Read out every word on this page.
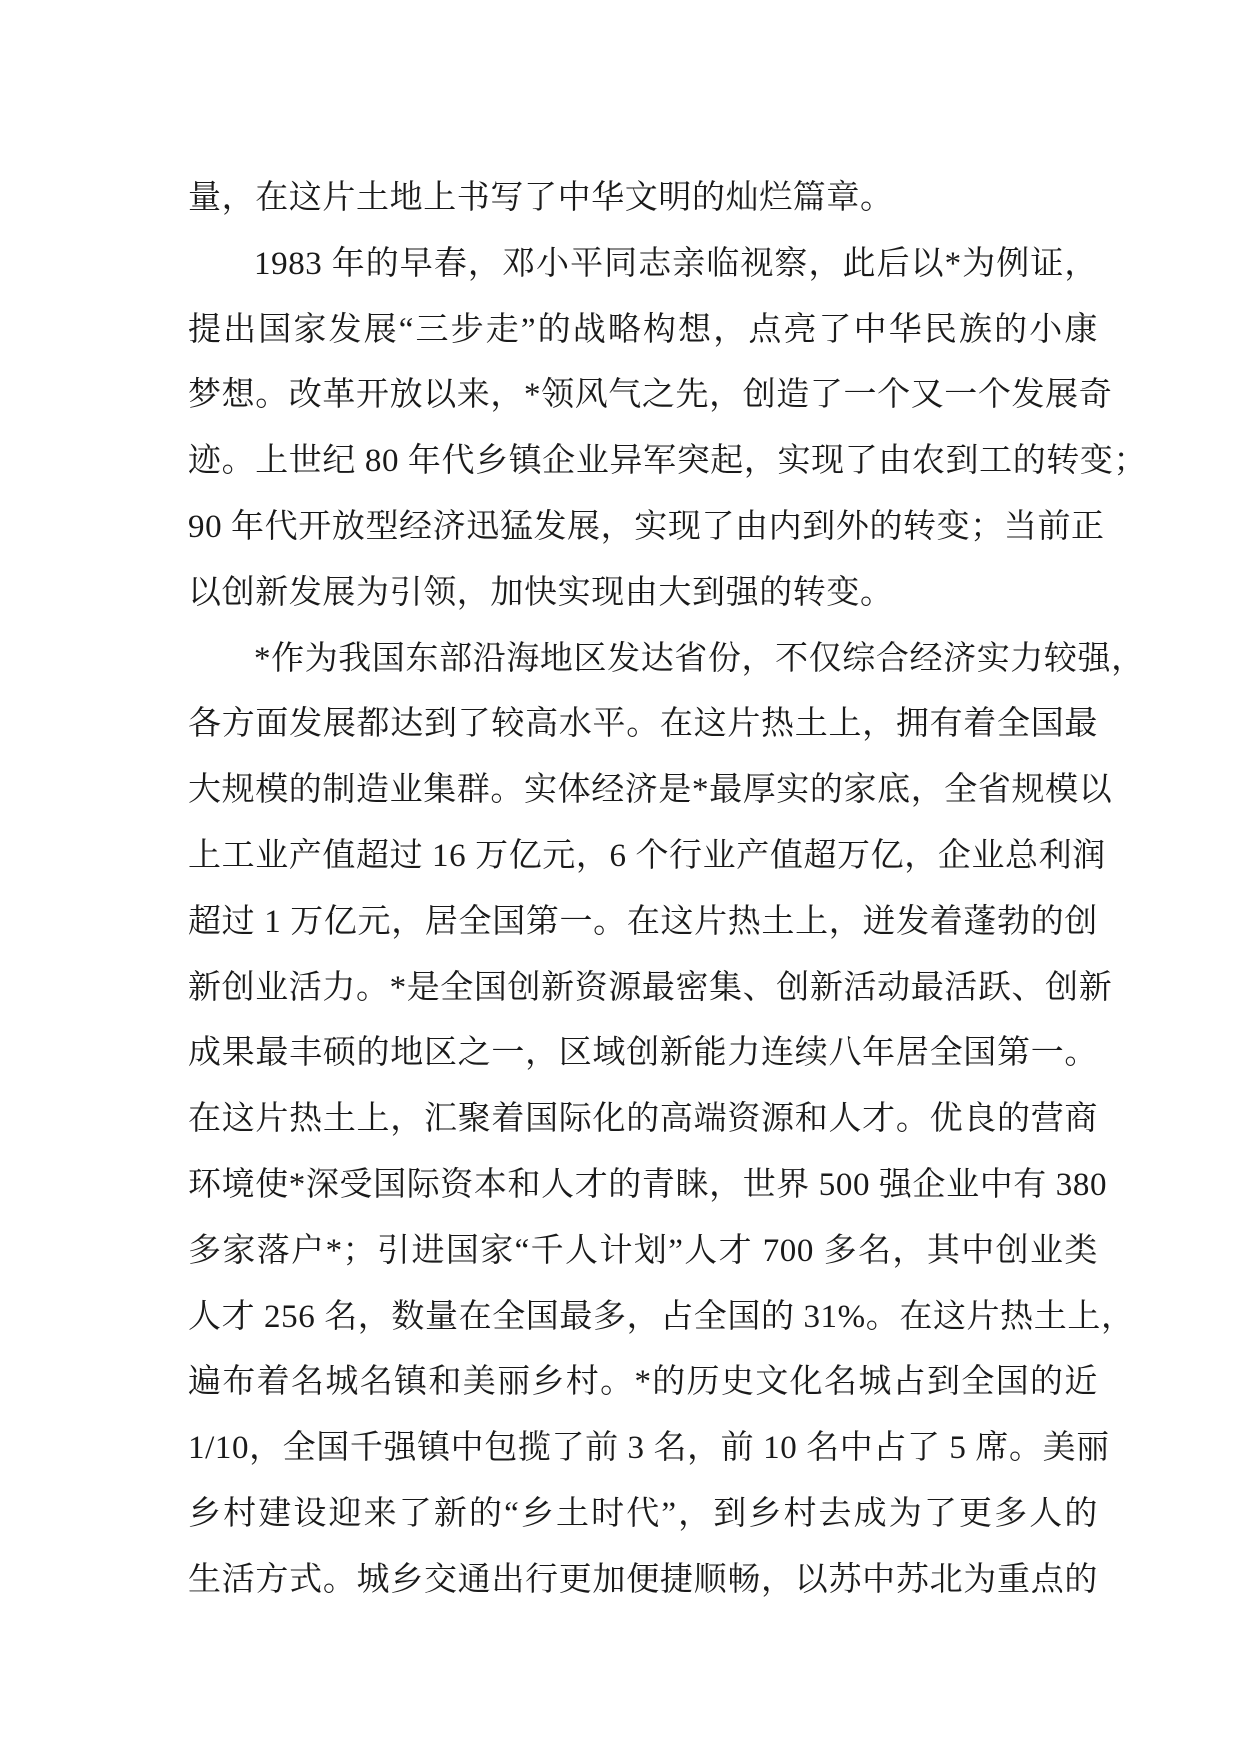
量，在这片土地上书写了中华文明的灿烂篇章。
1983 年的早春，邓小平同志亲临视察，此后以*为例证，
提出国家发展“三步走”的战略构想，点亮了中华民族的小康
梦想。改革开放以来，*领风气之先，创造了一个又一个发展奇
迹。上世纪 80 年代乡镇企业异军突起，实现了由农到工的转变；
90 年代开放型经济迅猛发展，实现了由内到外的转变；当前正
以创新发展为引领，加快实现由大到强的转变。
*作为我国东部沿海地区发达省份，不仅综合经济实力较强，
各方面发展都达到了较高水平。在这片热土上，拥有着全国最
大规模的制造业集群。实体经济是*最厚实的家底，全省规模以
上工业产值超过 16 万亿元，6 个行业产值超万亿，企业总利润
超过 1 万亿元，居全国第一。在这片热土上，迸发着蓬勃的创
新创业活力。*是全国创新资源最密集、创新活动最活跃、创新
成果最丰硕的地区之一，区域创新能力连续八年居全国第一。
在这片热土上，汇聚着国际化的高端资源和人才。优良的营商
环境使*深受国际资本和人才的青睐，世界 500 强企业中有 380
多家落户*；引进国家“千人计划”人才 700 多名，其中创业类
人才 256 名，数量在全国最多，占全国的 31%。在这片热土上，
遍布着名城名镇和美丽乡村。*的历史文化名城占到全国的近
1/10，全国千强镇中包揽了前 3 名，前 10 名中占了 5 席。美丽
乡村建设迎来了新的“乡土时代”，到乡村去成为了更多人的
生活方式。城乡交通出行更加便捷顺畅，以苏中苏北为重点的
